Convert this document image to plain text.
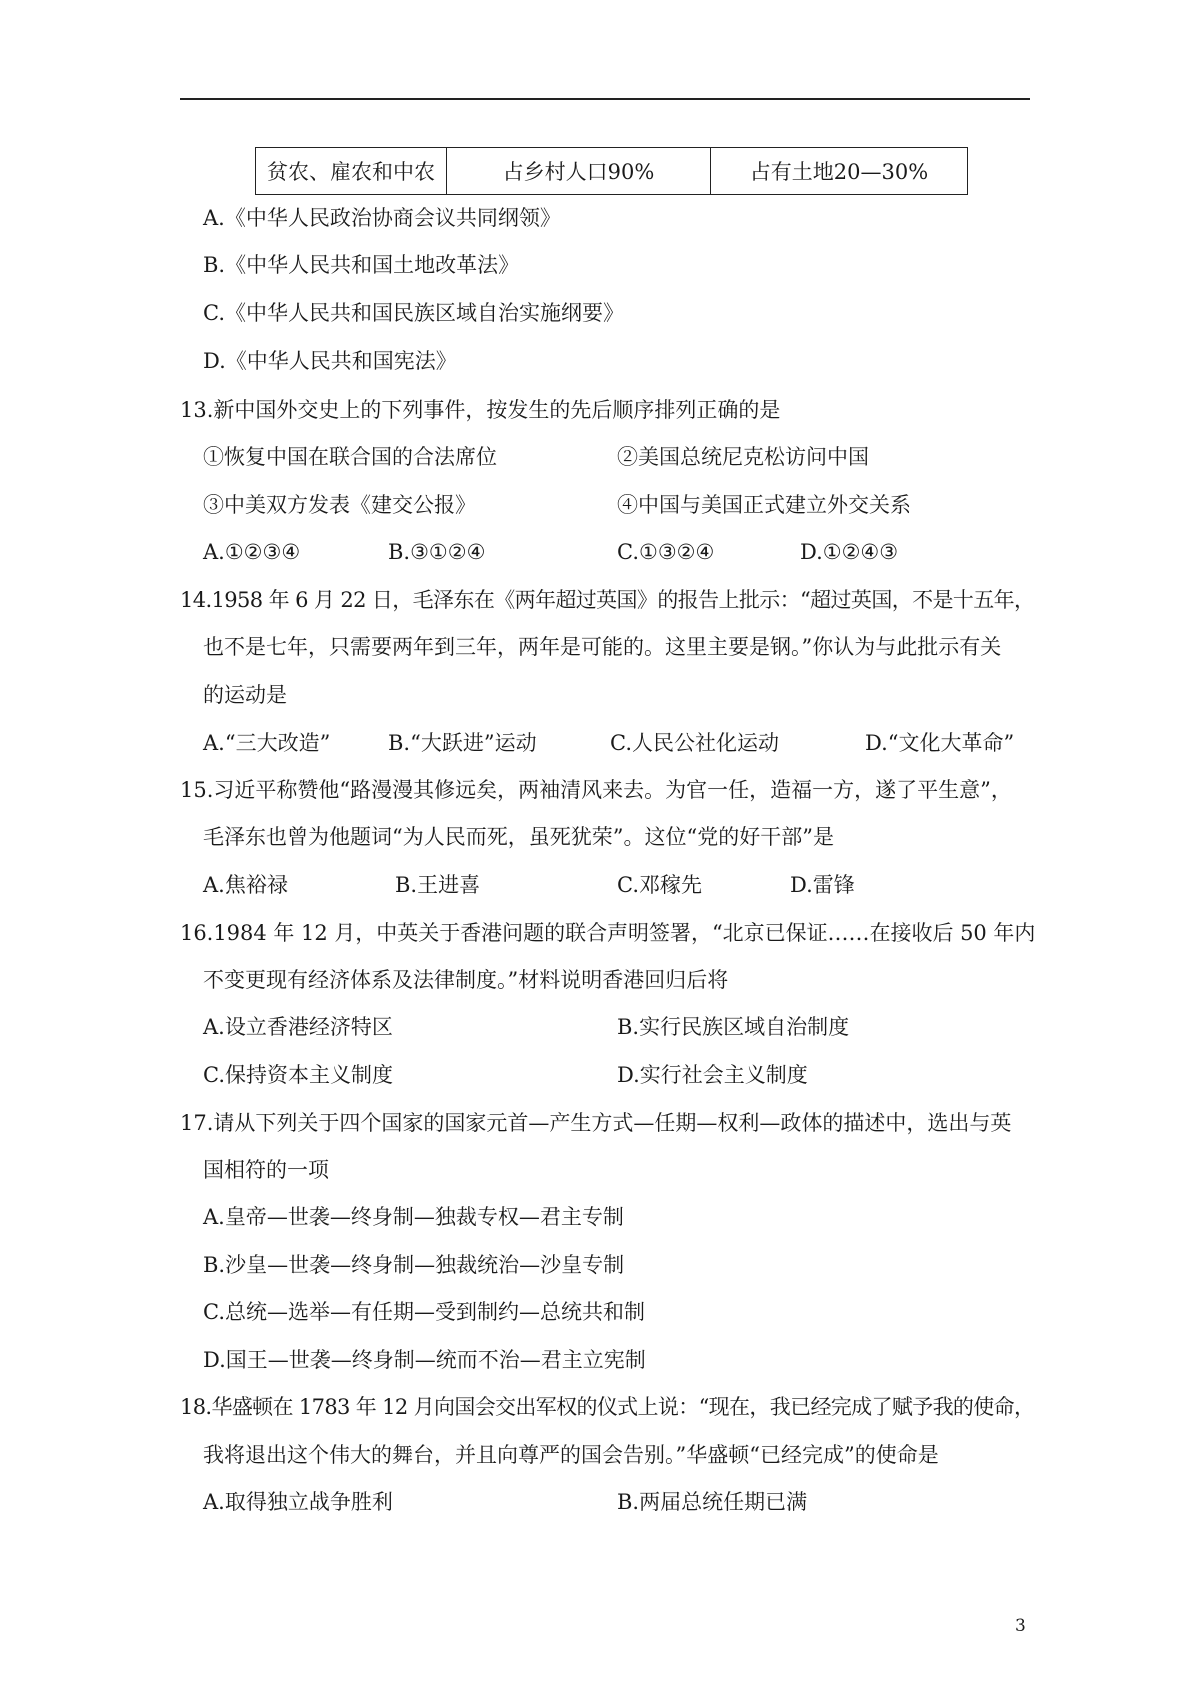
贫农、雇农和中农	占乡村人口90%	占有土地20—30%
A.《中华人民政治协商会议共同纲领》
B.《中华人民共和国土地改革法》
C.《中华人民共和国民族区域自治实施纲要》
D.《中华人民共和国宪法》
13.新中国外交史上的下列事件，按发生的先后顺序排列正确的是
①恢复中国在联合国的合法席位	②美国总统尼克松访问中国
③中美双方发表《建交公报》	④中国与美国正式建立外交关系
A.①②③④	B.③①②④	C.①③②④	D.①②④③
14.1958 年 6 月 22 日，毛泽东在《两年超过英国》的报告上批示：“超过英国，不是十五年，
也不是七年，只需要两年到三年，两年是可能的。这里主要是钢。”你认为与此批示有关
的运动是
A.“三大改造”	B.“大跃进”运动	C.人民公社化运动	D.“文化大革命”
15.习近平称赞他“路漫漫其修远矣，两袖清风来去。为官一任，造福一方，遂了平生意”，
毛泽东也曾为他题词“为人民而死，虽死犹荣”。这位“党的好干部”是
A.焦裕禄	B.王进喜	C.邓稼先	D.雷锋
16.1984 年 12 月，中英关于香港问题的联合声明签署，“北京已保证……在接收后 50 年内
不变更现有经济体系及法律制度。”材料说明香港回归后将
A.设立香港经济特区	B.实行民族区域自治制度
C.保持资本主义制度	D.实行社会主义制度
17.请从下列关于四个国家的国家元首—产生方式—任期—权利—政体的描述中，选出与英
国相符的一项
A.皇帝—世袭—终身制—独裁专权—君主专制
B.沙皇—世袭—终身制—独裁统治—沙皇专制
C.总统—选举—有任期—受到制约—总统共和制
D.国王—世袭—终身制—统而不治—君主立宪制
18.华盛顿在 1783 年 12 月向国会交出军权的仪式上说：“现在，我已经完成了赋予我的使命，
我将退出这个伟大的舞台，并且向尊严的国会告别。”华盛顿“已经完成”的使命是
A.取得独立战争胜利	B.两届总统任期已满
3
